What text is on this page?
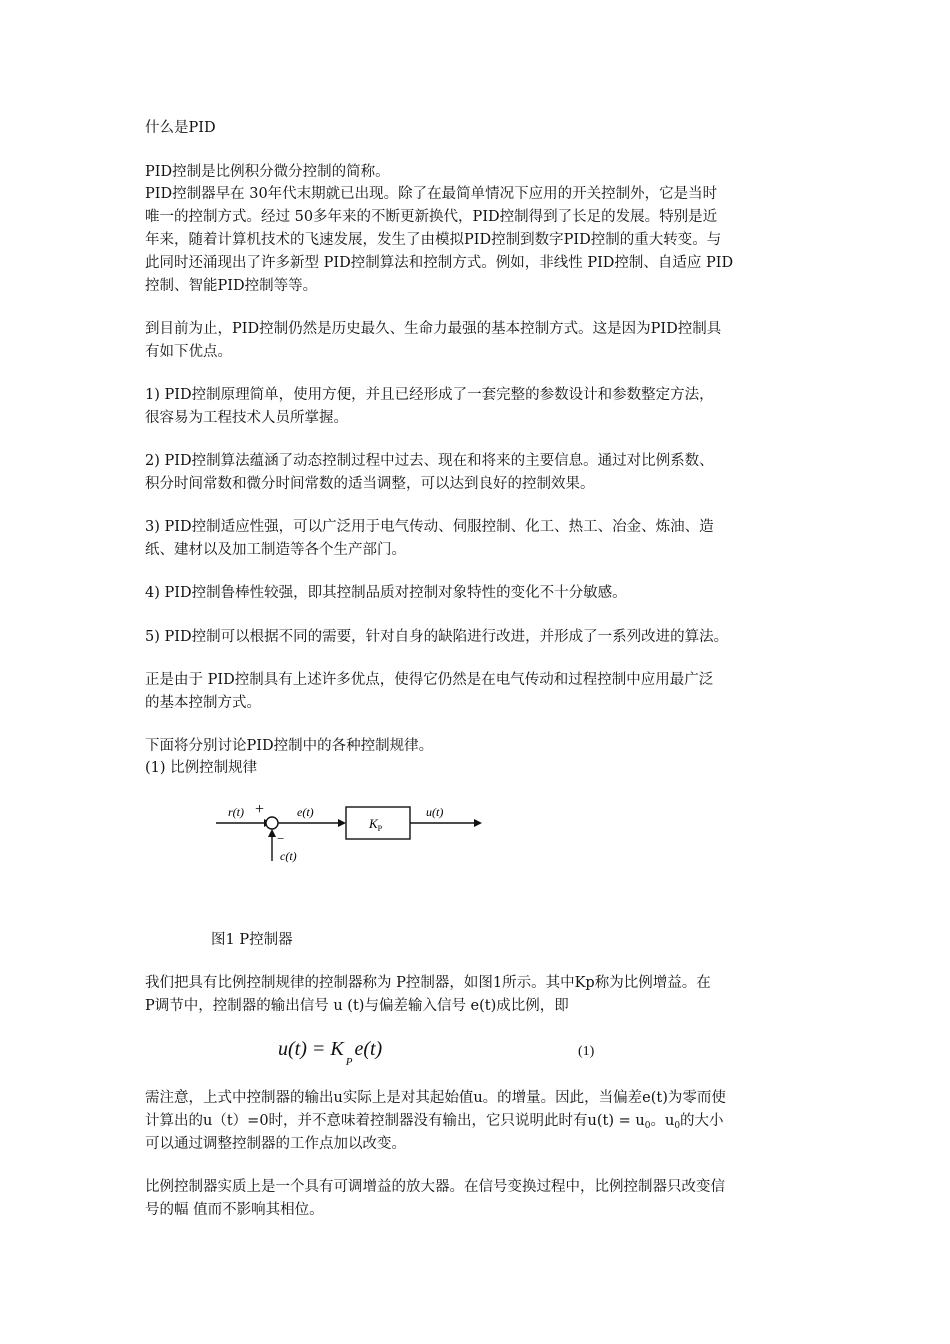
什么是PID

PID控制是比例积分微分控制的简称。

PID控制器早在 30年代末期就已出现。除了在最简单情况下应用的开关控制外，它是当时

唯一的控制方式。经过 50多年来的不断更新换代，PID控制得到了长足的发展。特别是近

年来，随着计算机技术的飞速发展，发生了由模拟PID控制到数字PID控制的重大转变。与

此同时还涌现出了许多新型 PID控制算法和控制方式。例如，非线性 PID控制、自适应 PID

控制、智能PID控制等等。

到目前为止，PID控制仍然是历史最久、生命力最强的基本控制方式。这是因为PID控制具

有如下优点。

1) PID控制原理简单，使用方便，并且已经形成了一套完整的参数设计和参数整定方法，

很容易为工程技术人员所掌握。

2) PID控制算法蕴涵了动态控制过程中过去、现在和将来的主要信息。通过对比例系数、

积分时间常数和微分时间常数的适当调整，可以达到良好的控制效果。

3) PID控制适应性强，可以广泛用于电气传动、伺服控制、化工、热工、冶金、炼油、造

纸、建材以及加工制造等各个生产部门。

4) PID控制鲁棒性较强，即其控制品质对控制对象特性的变化不十分敏感。

5) PID控制可以根据不同的需要，针对自身的缺陷进行改进，并形成了一系列改进的算法。

正是由于 PID控制具有上述许多优点，使得它仍然是在电气传动和过程控制中应用最广泛

的基本控制方式。

下面将分别讨论PID控制中的各种控制规律。

(1) 比例控制规律

r(t) +
−
e(t)
$K_P$
u(t)
c(t)

图1 P控制器

我们把具有比例控制规律的控制器称为 P控制器，如图1所示。其中Kp称为比例增益。在

P调节中，控制器的输出信号 u (t)与偏差输入信号 e(t)成比例，即

$u(t) = K_Pe(t)$	(1)

需注意，上式中控制器的输出u实际上是对其起始值u。的增量。因此，当偏差e(t)为零而使

计算出的u（t）=0时，并不意味着控制器没有输出，它只说明此时有$u(t) = u_0$。$u_0$的大小

可以通过调整控制器的工作点加以改变。

比例控制器实质上是一个具有可调增益的放大器。在信号变换过程中，比例控制器只改变信

号的幅 值而不影响其相位。
